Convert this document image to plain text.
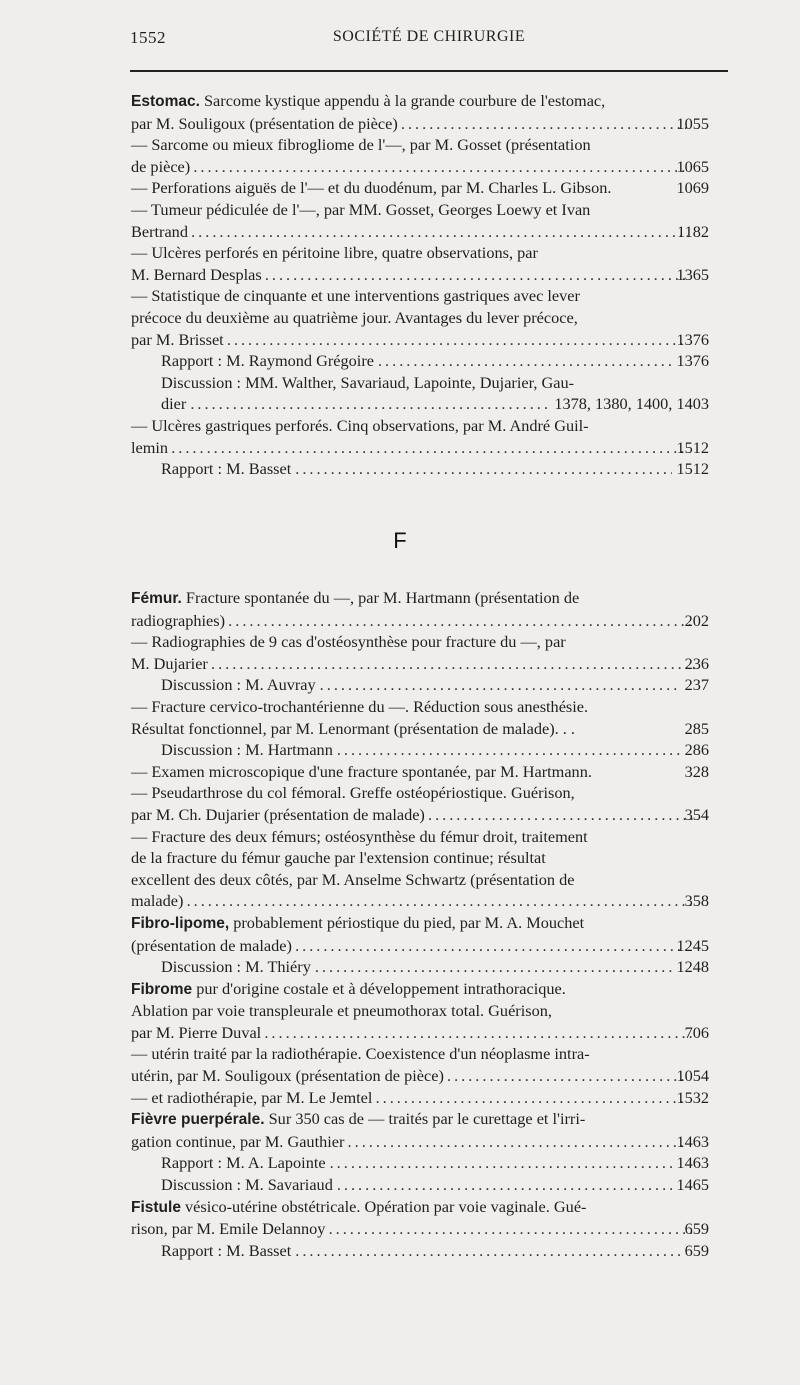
1552	SOCIÉTÉ DE CHIRURGIE
Estomac. Sarcome kystique appendu à la grande courbure de l'estomac,
par M. Souligoux (présentation de pièce) .....	1055
— Sarcome ou mieux fibrogliome de l'—, par M. Gosset (présentation
de pièce) .....	1065
— Perforations aiguës de l'— et du duodénum, par M. Charles L. Gibson.	1069
— Tumeur pédiculée de l'—, par MM. Gosset, Georges Loewy et Ivan
Bertrand .....	1182
— Ulcères perforés en péritoine libre, quatre observations, par
M. Bernard Desplas .....	1365
— Statistique de cinquante et une interventions gastriques avec lever
précoce du deuxième au quatrième jour. Avantages du lever précoce,
par M. Brisset .....	1376
Rapport : M. Raymond Grégoire .....	1376
Discussion : MM. Walther, Savariaud, Lapointe, Dujarier, Gau-
dier .....	1378, 1380, 1400, 1403
— Ulcères gastriques perforés. Cinq observations, par M. André Guil-
lemin .....	1512
Rapport : M. Basset .....	1512
F
Fémur. Fracture spontanée du —, par M. Hartmann (présentation de
radiographies) .....	202
— Radiographies de 9 cas d'ostéosynthèse pour fracture du —, par
M. Dujarier .....	236
Discussion : M. Auvray .....	237
— Fracture cervico-trochantérienne du —. Réduction sous anesthésie.
Résultat fonctionnel, par M. Lenormant (présentation de malade). . .	285
Discussion : M. Hartmann .....	286
— Examen microscopique d'une fracture spontanée, par M. Hartmann.	328
— Pseudarthrose du col fémoral. Greffe ostéopériostique. Guérison,
par M. Ch. Dujarier (présentation de malade) .....	354
— Fracture des deux fémurs; ostéosynthèse du fémur droit, traitement
de la fracture du fémur gauche par l'extension continue; résultat
excellent des deux côtés, par M. Anselme Schwartz (présentation de
malade) .....	358
Fibro-lipome, probablement périostique du pied, par M. A. Mouchet
(présentation de malade) .....	1245
Discussion : M. Thiéry .....	1248
Fibrome pur d'origine costale et à développement intrathoracique.
Ablation par voie transpleurale et pneumothorax total. Guérison,
par M. Pierre Duval .....	706
— utérin traité par la radiothérapie. Coexistence d'un néoplasme intra-
utérin, par M. Souligoux (présentation de pièce) .....	1054
— et radiothérapie, par M. Le Jemtel .....	1532
Fièvre puerpérale. Sur 350 cas de — traités par le curettage et l'irri-
gation continue, par M. Gauthier .....	1463
Rapport : M. A. Lapointe .....	1463
Discussion : M. Savariaud .....	1465
Fistule vésico-utérine obstétricale. Opération par voie vaginale. Gué-
rison, par M. Emile Delannoy .....	659
Rapport : M. Basset .....	659
